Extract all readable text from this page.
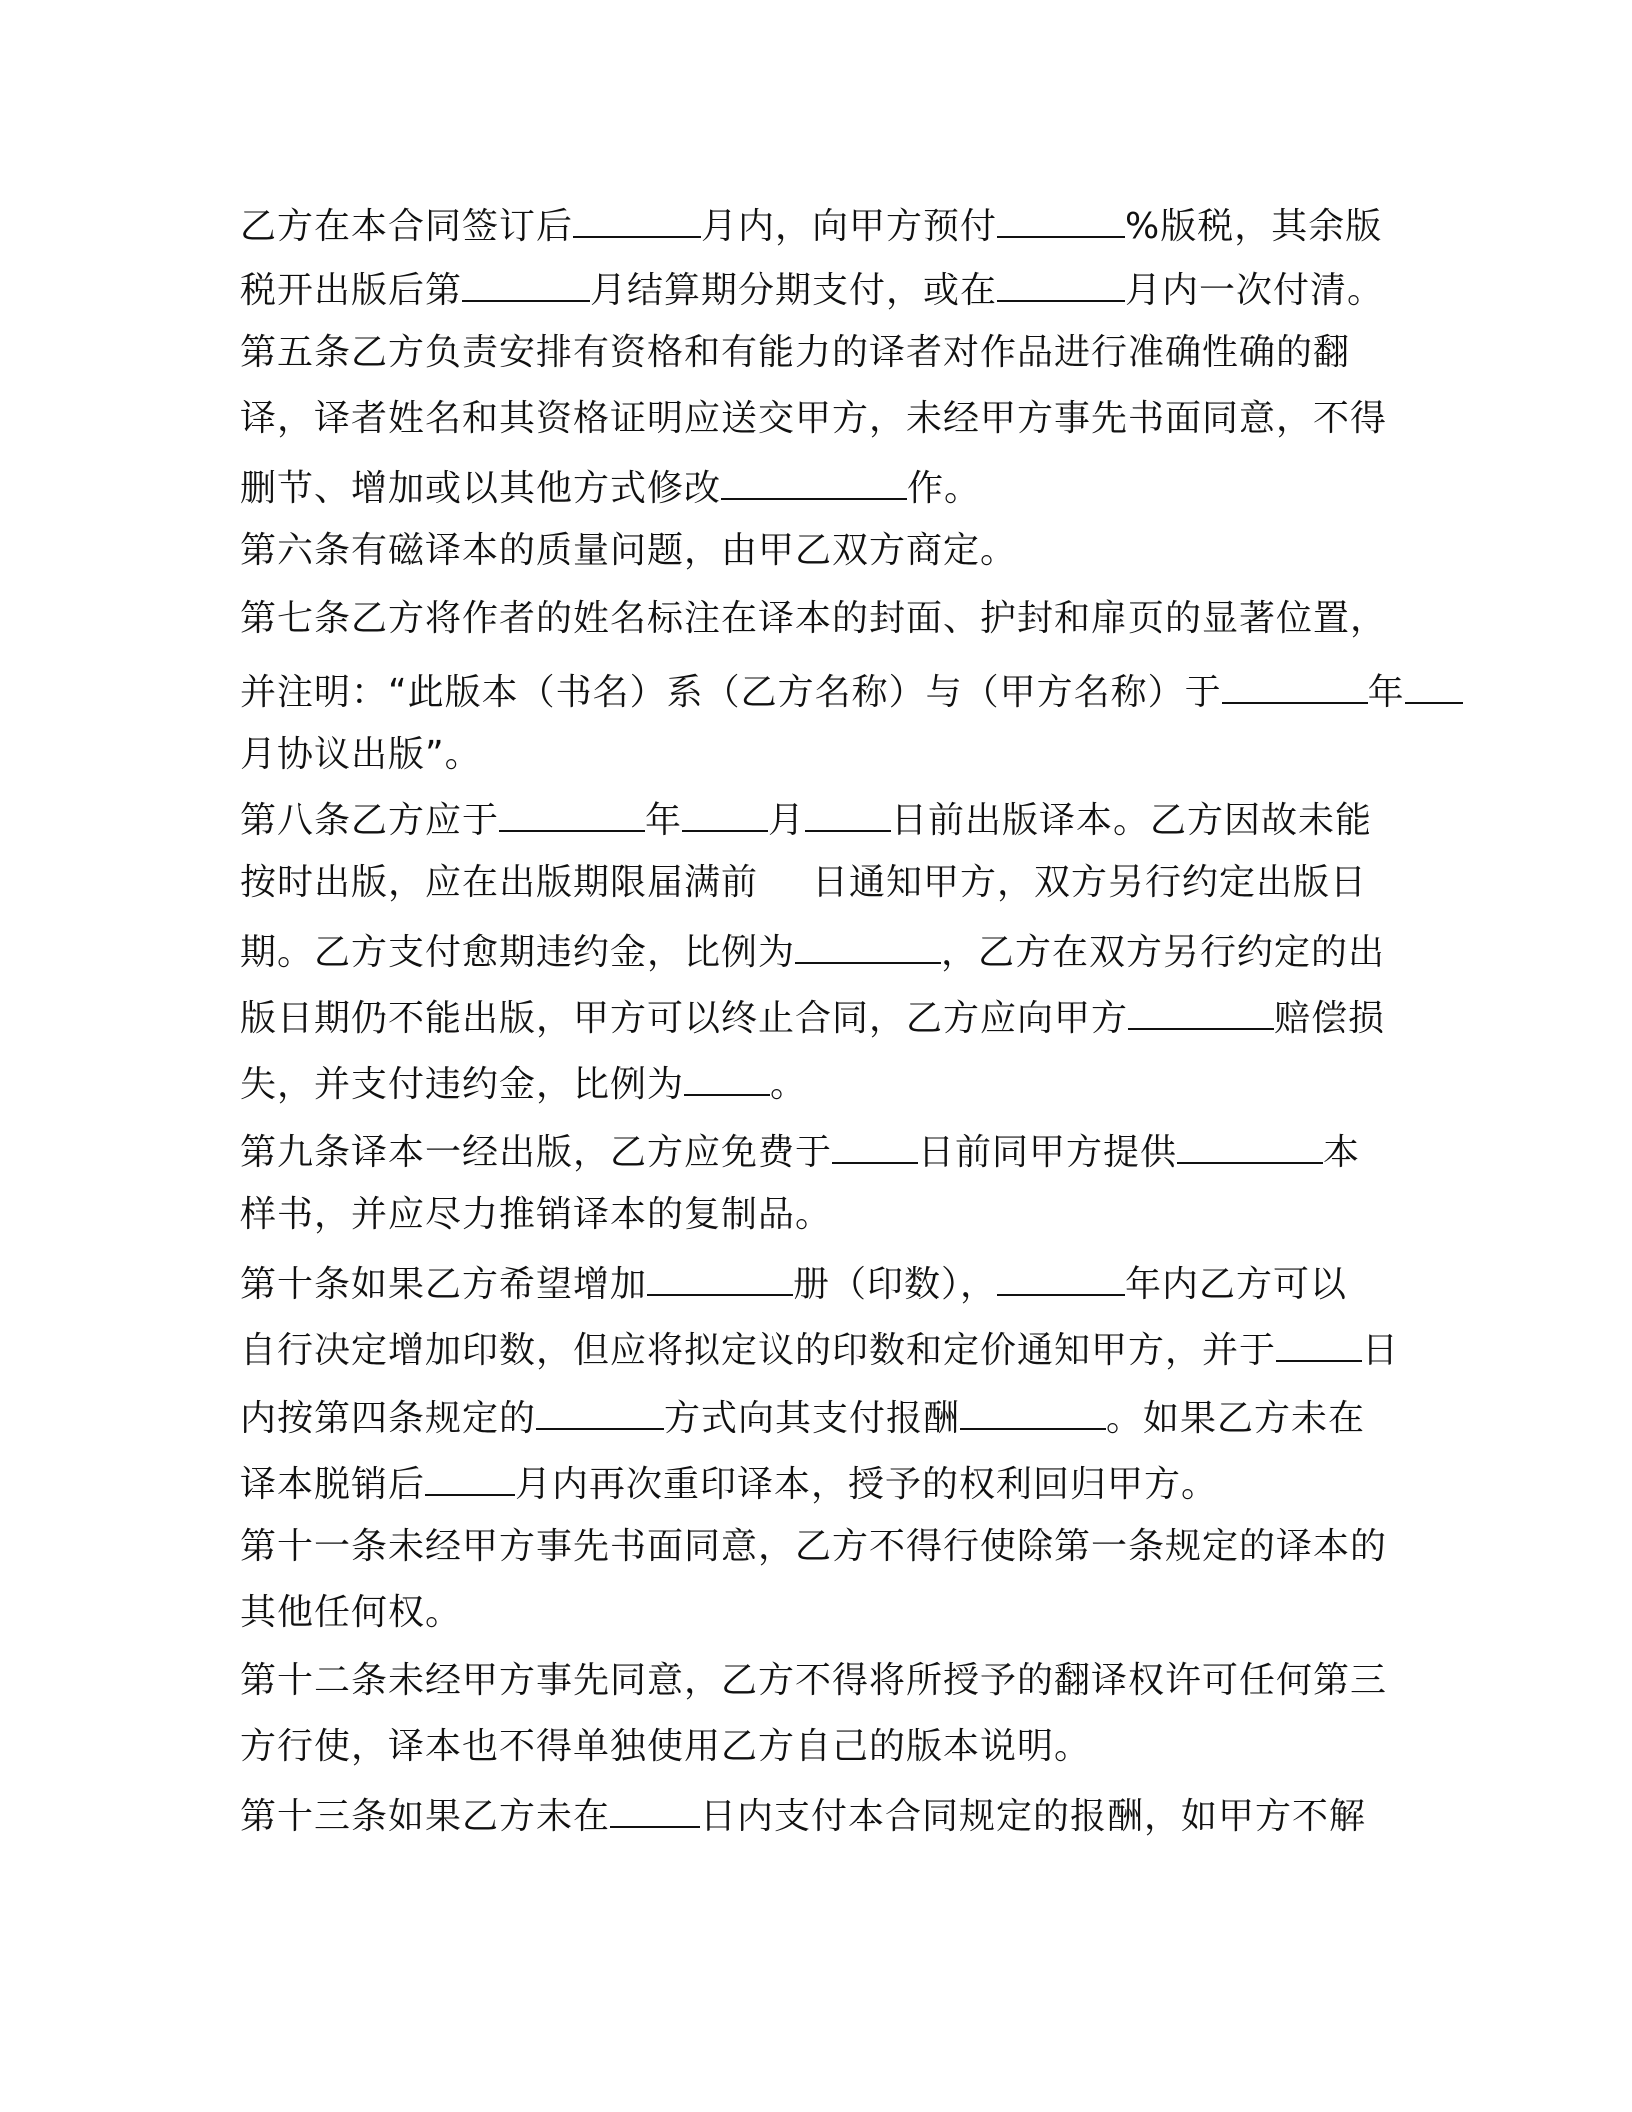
乙方在本合同签订后	月内，向甲方预付	%版税，其余版
税开出版后第	月结算期分期支付，或在	月内一次付清。
第五条乙方负责安排有资格和有能力的译者对作品进行准确性确的翻
译，译者姓名和其资格证明应送交甲方，未经甲方事先书面同意，不得
删节、增加或以其他方式修改	作。
第六条有磁译本的质量问题，由甲乙双方商定。
第七条乙方将作者的姓名标注在译本的封面、护封和扉页的显著位置，
并注明：“此版本（书名）系（乙方名称）与（甲方名称）于	年
月协议出版”。
第八条乙方应于	年 月 日前出版译本。乙方因故未能
按时出版，应在出版期限届满前 日通知甲方，双方另行约定出版日
期。乙方支付愈期违约金，比例为	，乙方在双方另行约定的出
版日期仍不能出版，甲方可以终止合同，乙方应向甲方	赔偿损
失，并支付违约金，比例为 。
第九条译本一经出版，乙方应免费于 日前同甲方提供	本
样书，并应尽力推销译本的复制品。
第十条如果乙方希望增加	册（印数），	年内乙方可以
自行决定增加印数，但应将拟定议的印数和定价通知甲方，并于 日
内按第四条规定的	方式向其支付报酬	。如果乙方未在
译本脱销后	月内再次重印译本，授予的权利回归甲方。
第十一条未经甲方事先书面同意，乙方不得行使除第一条规定的译本的
其他任何权。
第十二条未经甲方事先同意，乙方不得将所授予的翻译权许可任何第三
方行使，译本也不得单独使用乙方自己的版本说明。
第十三条如果乙方未在	日内支付本合同规定的报酬，如甲方不解
